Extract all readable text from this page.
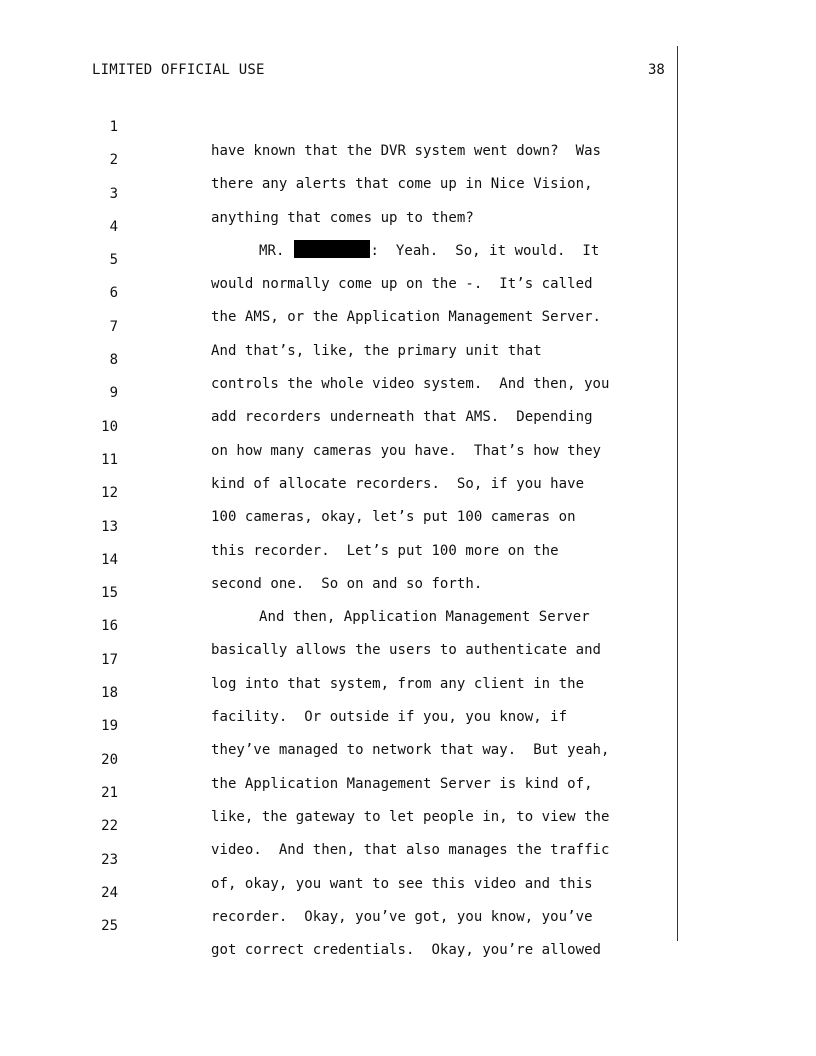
LIMITED OFFICIAL USE	38

1

have known that the DVR system went down?  Was

2

there any alerts that come up in Nice Vision,

3

anything that comes up to them?

4

MR.	:  Yeah.  So, it would.  It

5

would normally come up on the -.  It’s called

6

the AMS, or the Application Management Server.

7

And that’s, like, the primary unit that

8

controls the whole video system.  And then, you

9

add recorders underneath that AMS.  Depending

10

on how many cameras you have.  That’s how they

11

kind of allocate recorders.  So, if you have

12

100 cameras, okay, let’s put 100 cameras on

13

this recorder.  Let’s put 100 more on the

14

second one.  So on and so forth.

15

And then, Application Management Server

16

basically allows the users to authenticate and

17

log into that system, from any client in the

18

facility.  Or outside if you, you know, if

19

they’ve managed to network that way.  But yeah,

20

the Application Management Server is kind of,

21

like, the gateway to let people in, to view the

22

video.  And then, that also manages the traffic

23

of, okay, you want to see this video and this

24

recorder.  Okay, you’ve got, you know, you’ve

25

got correct credentials.  Okay, you’re allowed
